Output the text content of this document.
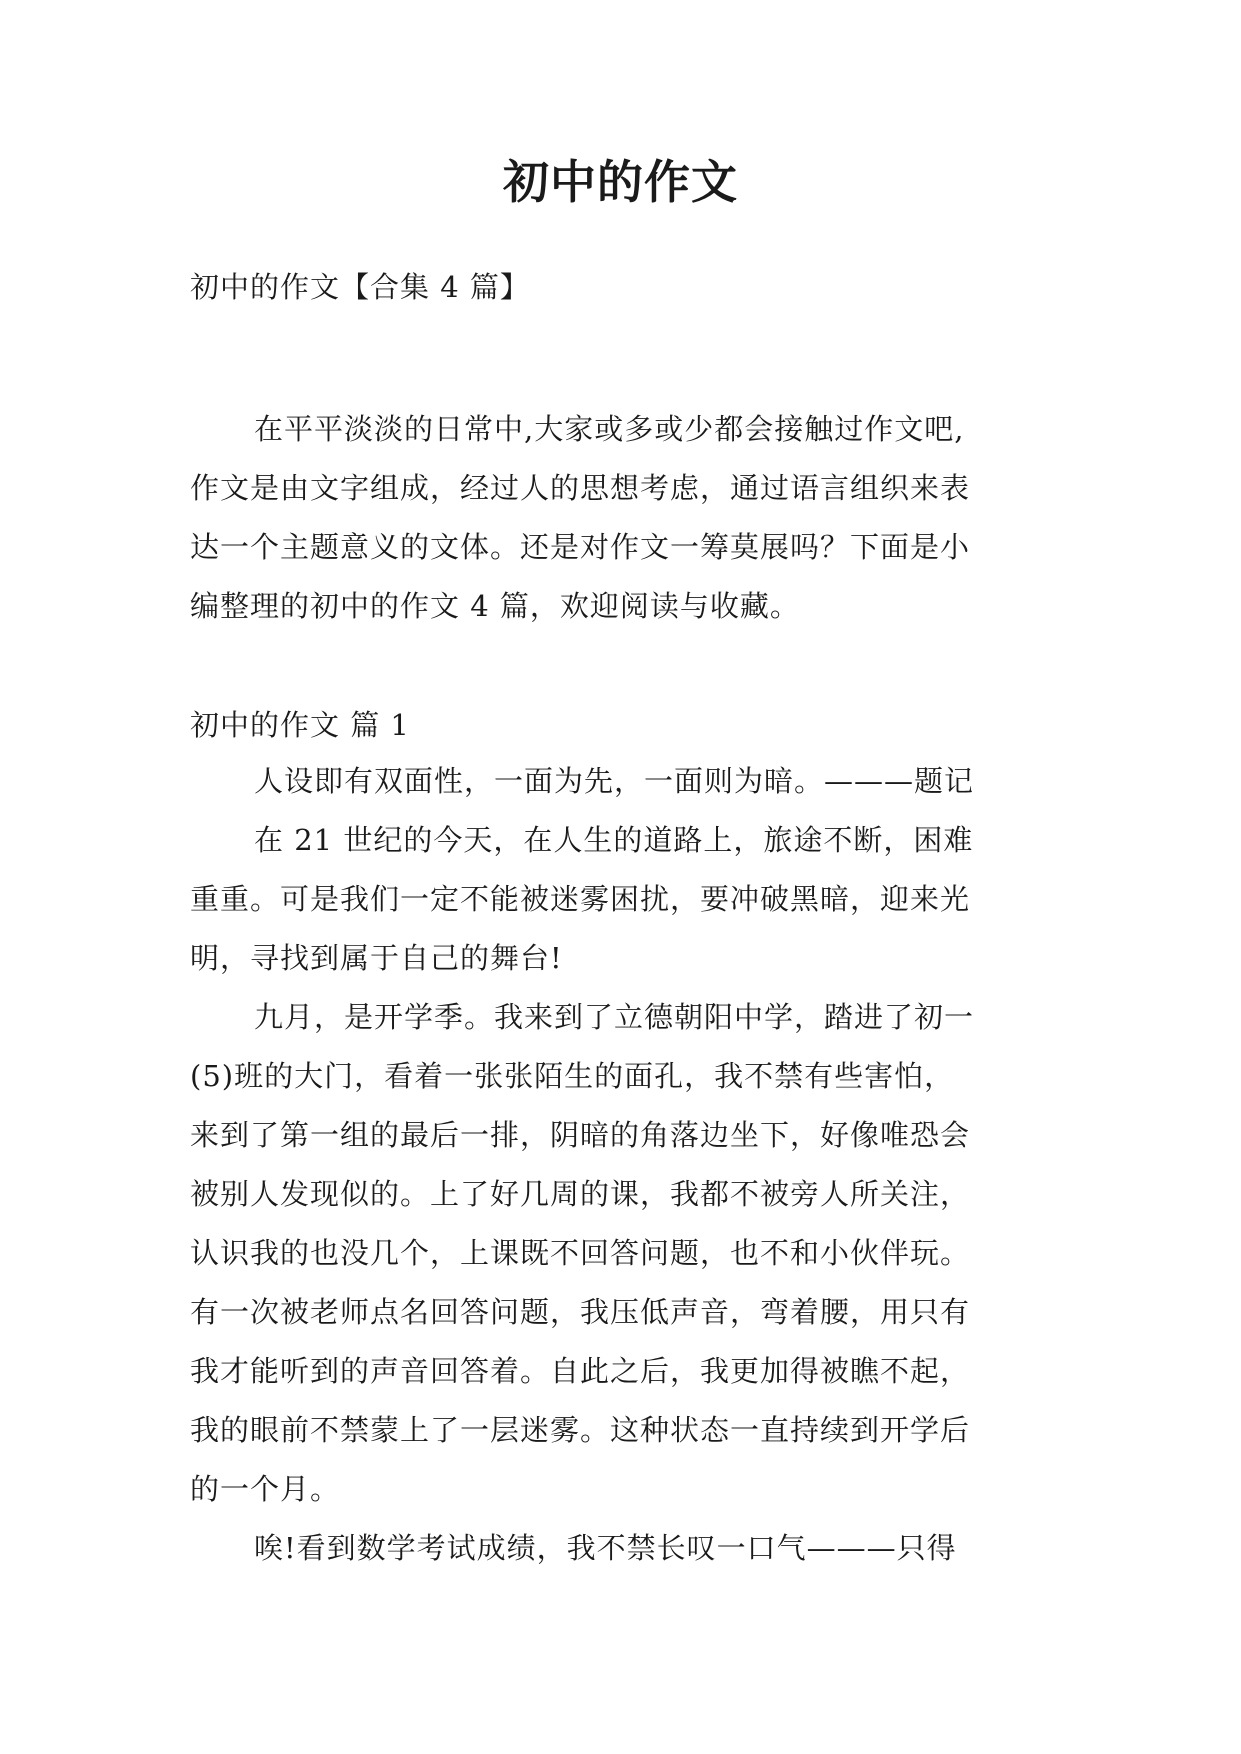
初中的作文

初中的作文【合集 4 篇】

在平平淡淡的日常中,大家或多或少都会接触过作文吧,
作文是由文字组成，经过人的思想考虑，通过语言组织来表
达一个主题意义的文体。还是对作文一筹莫展吗？下面是小
编整理的初中的作文 4 篇，欢迎阅读与收藏。

初中的作文 篇 1

人设即有双面性，一面为先，一面则为暗。———题记
在 21 世纪的今天，在人生的道路上，旅途不断，困难
重重。可是我们一定不能被迷雾困扰，要冲破黑暗，迎来光
明，寻找到属于自己的舞台!
九月，是开学季。我来到了立德朝阳中学，踏进了初一
(5)班的大门，看着一张张陌生的面孔，我不禁有些害怕，
来到了第一组的最后一排，阴暗的角落边坐下，好像唯恐会
被别人发现似的。上了好几周的课，我都不被旁人所关注，
认识我的也没几个，上课既不回答问题，也不和小伙伴玩。
有一次被老师点名回答问题，我压低声音，弯着腰，用只有
我才能听到的声音回答着。自此之后，我更加得被瞧不起，
我的眼前不禁蒙上了一层迷雾。这种状态一直持续到开学后
的一个月。
唉!看到数学考试成绩，我不禁长叹一口气———只得
